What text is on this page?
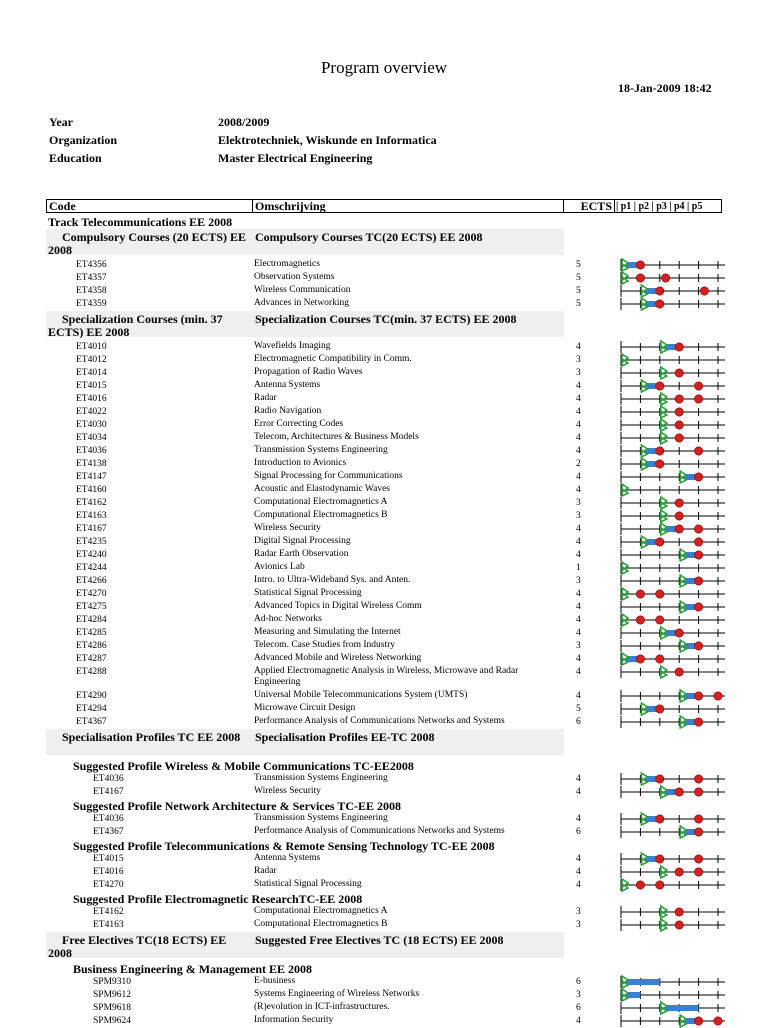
Program overview
18-Jan-2009 18:42
Year	2008/2009
Organization	Elektrotechniek, Wiskunde en Informatica
Education	Master Electrical Engineering
Code	Omschrijving	ECTS | p1 | p2 | p3 | p4 | p5
Track Telecommunications EE 2008
Compulsory Courses (20 ECTS) EE 2008
Compulsory Courses TC(20 ECTS) EE 2008
ET4356	Electromagnetics	5
ET4357	Observation Systems	5
ET4358	Wireless Communication	5
ET4359	Advances in Networking	5
Specialization Courses (min. 37 ECTS) EE 2008
Specialization Courses TC(min. 37 ECTS) EE 2008
ET4010	Wavefields Imaging	4
ET4012	Electromagnetic Compatibility in Comm.	3
ET4014	Propagation of Radio Waves	3
ET4015	Antenna Systems	4
ET4016	Radar	4
ET4022	Radio Navigation	4
ET4030	Error Correcting Codes	4
ET4034	Telecom, Architectures & Business Models	4
ET4036	Transmission Systems Engineering	4
ET4138	Introduction to Avionics	2
ET4147	Signal Processing for Communications	4
ET4160	Acoustic and Elastodynamic Waves	4
ET4162	Computational Electromagnetics A	3
ET4163	Computational Electromagnetics B	3
ET4167	Wireless Security	4
ET4235	Digital Signal Processing	4
ET4240	Radar Earth Observation	4
ET4244	Avionics Lab	1
ET4266	Intro. to Ultra-Wideband Sys. and Anten.	3
ET4270	Statistical Signal Processing	4
ET4275	Advanced Topics in Digital Wireless Comm	4
ET4284	Ad-hoc Networks	4
ET4285	Measuring and Simulating the Internet	4
ET4286	Telecom. Case Studies from Industry	3
ET4287	Advanced Mobile and Wireless Networking	4
ET4288	Applied Electromagnetic Analysis in Wireless, Microwave and Radar Engineering
4
ET4290	Universal Mobile Telecommunications System (UMTS)	4
ET4294	Microwave Circuit Design	5
ET4367	Performance Analysis of Communications Networks and Systems	6
Specialisation Profiles TC EE 2008	Specialisation Profiles EE-TC 2008
Suggested Profile Wireless & Mobile Communications TC-EE2008
ET4036	Transmission Systems Engineering	4
ET4167	Wireless Security	4
Suggested Profile Network Architecture & Services TC-EE 2008
ET4036	Transmission Systems Engineering	4
ET4367	Performance Analysis of Communications Networks and Systems	6
Suggested Profile Telecommunications & Remote Sensing Technology TC-EE 2008
ET4015	Antenna Systems	4
ET4016	Radar	4
ET4270	Statistical Signal Processing	4
Suggested Profile Electromagnetic ResearchTC-EE 2008
ET4162	Computational Electromagnetics A	3
ET4163	Computational Electromagnetics B	3
Free Electives TC(18 ECTS) EE 2008
Suggested Free Electives TC (18 ECTS) EE 2008
Business Engineering & Management EE 2008
SPM9310	E-business	6
SPM9612	Systems Engineering of Wireless Networks	3
SPM9618	(R)evolution in ICT-infrastructures.	6
SPM9624	Information Security	4
